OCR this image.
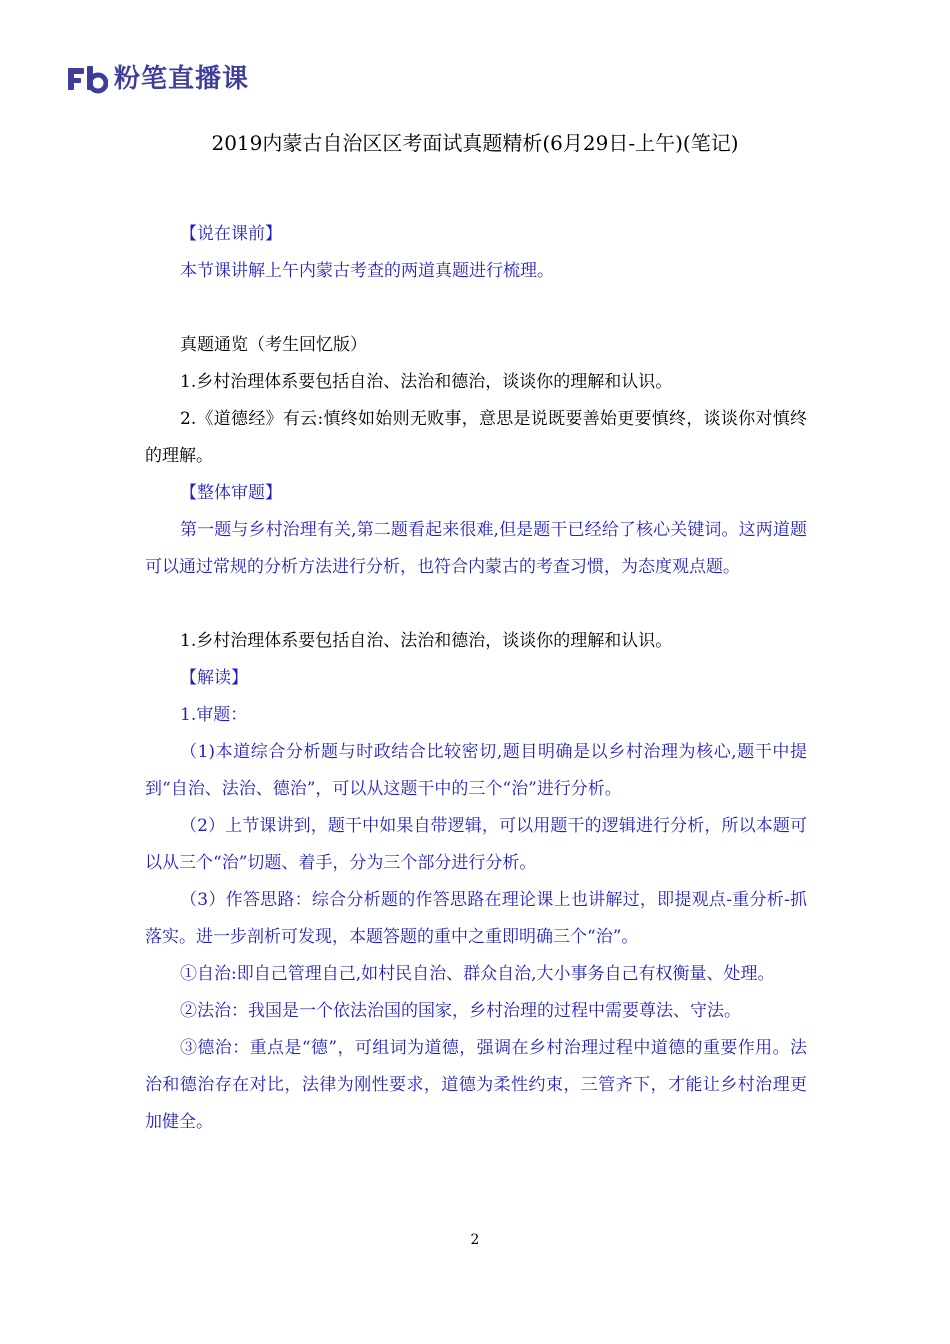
粉笔直播课
2019内蒙古自治区区考面试真题精析(6月29日-上午)(笔记)

【说在课前】

本节课讲解上午内蒙古考查的两道真题进行梳理。

真题通览（考生回忆版）

1.乡村治理体系要包括自治、法治和德治，谈谈你的理解和认识。

2.《道德经》有云:慎终如始则无败事，意思是说既要善始更要慎终，谈谈你对慎终的理解。

【整体审题】

第一题与乡村治理有关,第二题看起来很难,但是题干已经给了核心关键词。这两道题可以通过常规的分析方法进行分析，也符合内蒙古的考查习惯，为态度观点题。

1.乡村治理体系要包括自治、法治和德治，谈谈你的理解和认识。

【解读】

1.审题：

（1)本道综合分析题与时政结合比较密切,题目明确是以乡村治理为核心,题干中提到“自治、法治、德治”，可以从这题干中的三个“治”进行分析。

（2）上节课讲到，题干中如果自带逻辑，可以用题干的逻辑进行分析，所以本题可以从三个“治”切题、着手，分为三个部分进行分析。

（3）作答思路：综合分析题的作答思路在理论课上也讲解过，即提观点-重分析-抓落实。进一步剖析可发现，本题答题的重中之重即明确三个“治”。

①自治:即自己管理自己,如村民自治、群众自治,大小事务自己有权衡量、处理。

②法治：我国是一个依法治国的国家，乡村治理的过程中需要尊法、守法。

③德治：重点是“德”，可组词为道德，强调在乡村治理过程中道德的重要作用。法治和德治存在对比，法律为刚性要求，道德为柔性约束，三管齐下，才能让乡村治理更加健全。

2
